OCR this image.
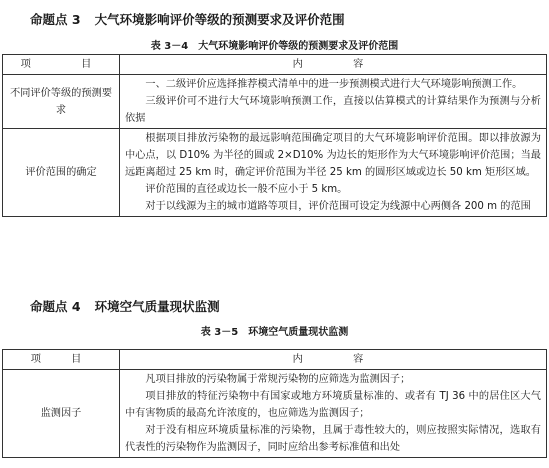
命题点 3 大气环境影响评价等级的预测要求及评价范围
表 3－4　大气环境影响评价等级的预测要求及评价范围
项　　目	内　　容
不同评价等级的预测要求	一、二级评价应选择推荐模式清单中的进一步预测模式进行大气环境影响预测工作。

三级评价可不进行大气环境影响预测工作，直接以估算模式的计算结果作为预测与分析依据

评价范围的确定	根据项目排放污染物的最远影响范围确定项目的大气环境影响评价范围。即以排放源为中心点，以 D10% 为半径的圆或 2×D10% 为边长的矩形作为大气环境影响评价范围；当最远距离超过 25 km 时，确定评价范围为半径 25 km 的圆形区域或边长 50 km 矩形区域。

评价范围的直径或边长一般不应小于 5 km。

对于以线源为主的城市道路等项目，评价范围可设定为线源中心两侧各 200 m 的范围

命题点 4 环境空气质量现状监测
表 3－5　环境空气质量现状监测
项　目	内　　容
监测因子	凡项目排放的污染物属于常规污染物的应筛选为监测因子；

项目排放的特征污染物中有国家或地方环境质量标准的、或者有 TJ 36 中的居住区大气中有害物质的最高允许浓度的，也应筛选为监测因子；

对于没有相应环境质量标准的污染物，且属于毒性较大的，则应按照实际情况，选取有代表性的污染物作为监测因子，同时应给出参考标准值和出处
